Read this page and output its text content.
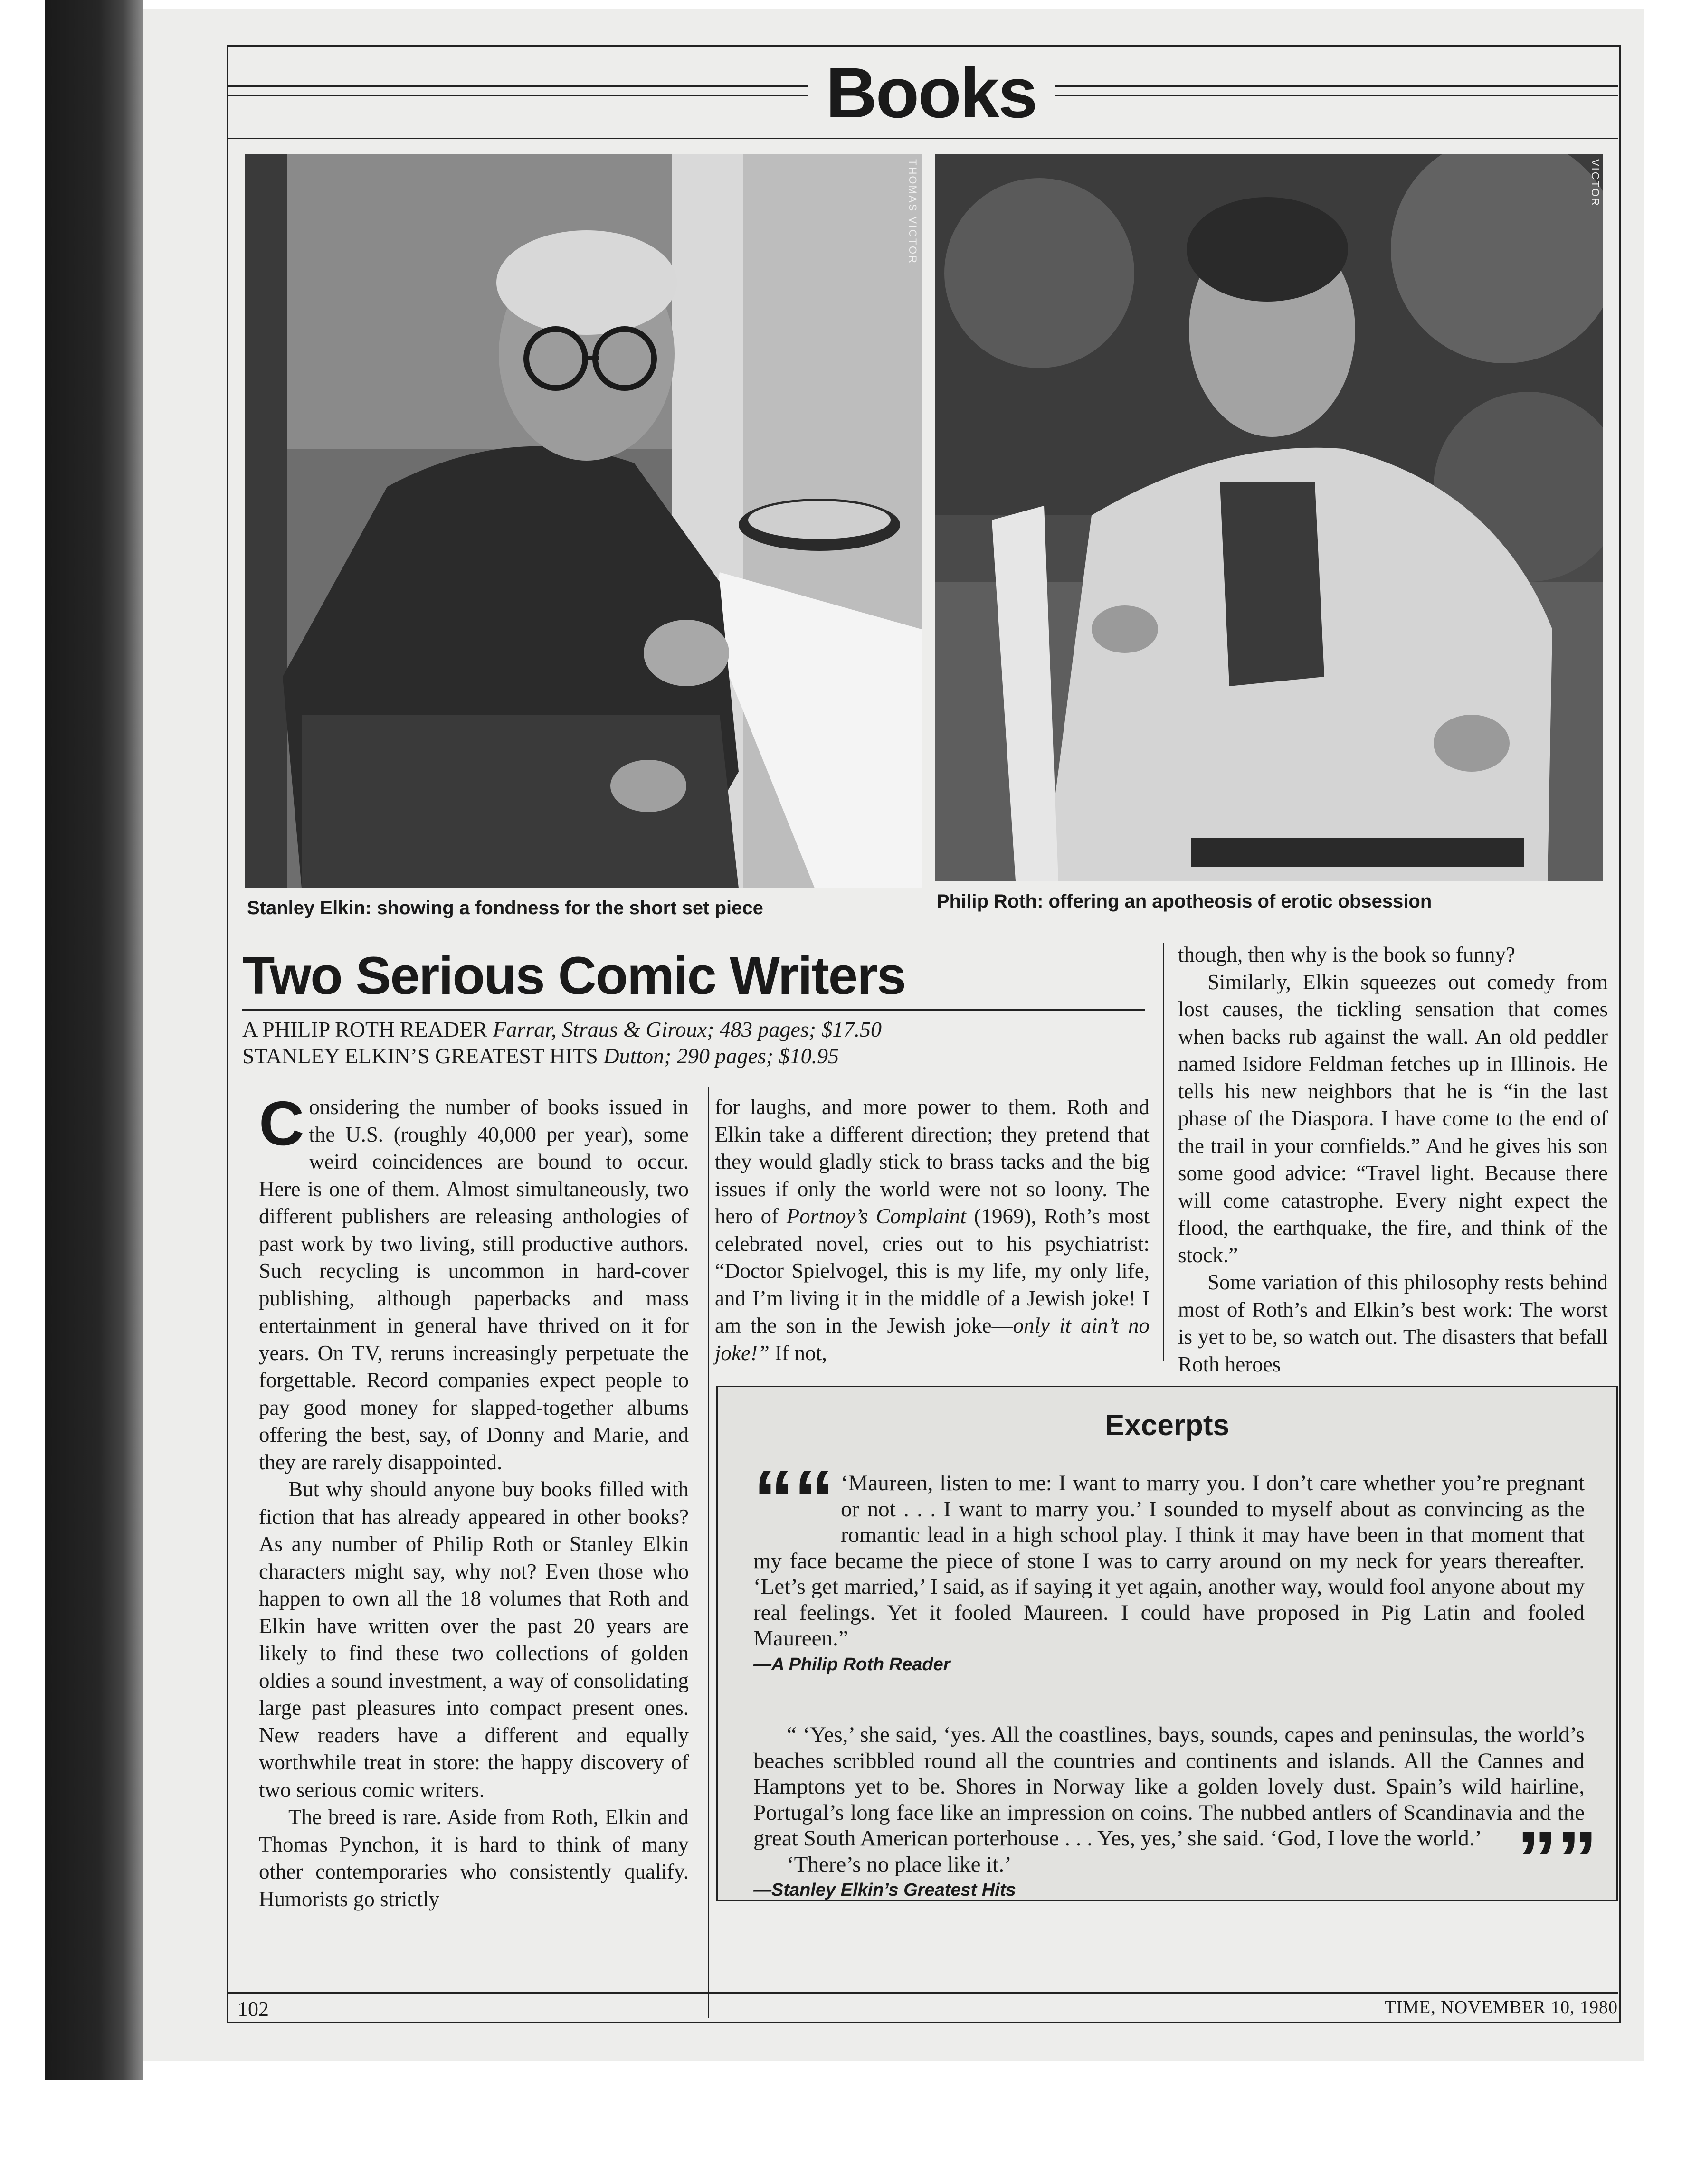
Books
THOMAS VICTOR	VICTOR
Stanley Elkin: showing a fondness for the short set piece	Philip Roth: offering an apotheosis of erotic obsession
Two Serious Comic Writers
A PHILIP ROTH READER Farrar, Straus & Giroux; 483 pages; $17.50
STANLEY ELKIN’S GREATEST HITS Dutton; 290 pages; $10.95

Considering the number of books issued in the U.S. (roughly 40,000 per year), some weird coincidences are bound to occur. Here is one of them. Almost simultaneously, two different publishers are releasing anthologies of past work by two living, still productive authors. Such recycling is uncommon in hard-cover publishing, although paperbacks and mass entertainment in general have thrived on it for years. On TV, reruns increasingly perpetuate the forgettable. Record companies expect people to pay good money for slapped-together albums offering the best, say, of Donny and Marie, and they are rarely disappointed.

But why should anyone buy books filled with fiction that has already appeared in other books? As any number of Philip Roth or Stanley Elkin characters might say, why not? Even those who happen to own all the 18 volumes that Roth and Elkin have written over the past 20 years are likely to find these two collections of golden oldies a sound investment, a way of consolidating large past pleasures into compact present ones. New readers have a different and equally worthwhile treat in store: the happy discovery of two serious comic writers.

The breed is rare. Aside from Roth, Elkin and Thomas Pynchon, it is hard to think of many other contemporaries who consistently qualify. Humorists go strictly

for laughs, and more power to them. Roth and Elkin take a different direction; they pretend that they would gladly stick to brass tacks and the big issues if only the world were not so loony. The hero of Portnoy’s Complaint (1969), Roth’s most celebrated novel, cries out to his psychiatrist: “Doctor Spielvogel, this is my life, my only life, and I’m living it in the middle of a Jewish joke! I am the son in the Jewish joke—only it ain’t no joke!” If not,

though, then why is the book so funny?

Similarly, Elkin squeezes out comedy from lost causes, the tickling sensation that comes when backs rub against the wall. An old peddler named Isidore Feldman fetches up in Illinois. He tells his new neighbors that he is “in the last phase of the Diaspora. I have come to the end of the trail in your cornfields.” And he gives his son some good advice: “Travel light. Because there will come catastrophe. Every night expect the flood, the earthquake, the fire, and think of the stock.”

Some variation of this philosophy rests behind most of Roth’s and Elkin’s best work: The worst is yet to be, so watch out. The disasters that befall Roth heroes

Excerpts

““ ‘Maureen, listen to me: I want to marry you. I don’t care whether you’re pregnant or not . . . I want to marry you.’ I sounded to myself about as convincing as the romantic lead in a high school play. I think it may have been in that moment that my face became the piece of stone I was to carry around on my neck for years thereafter. ‘Let’s get married,’ I said, as if saying it yet again, another way, would fool anyone about my real feelings. Yet it fooled Maureen. I could have proposed in Pig Latin and fooled Maureen.”

—A Philip Roth Reader

“ ‘Yes,’ she said, ‘yes. All the coastlines, bays, sounds, capes and peninsulas, the world’s beaches scribbled round all the countries and continents and islands. All the Cannes and Hamptons yet to be. Shores in Norway like a golden lovely dust. Spain’s wild hairline, Portugal’s long face like an impression on coins. The nubbed antlers of Scandinavia and the great South American porterhouse . . . Yes, yes,’ she said. ‘God, I love the world.’

‘There’s no place like it.’

—Stanley Elkin’s Greatest Hits	””
102	TIME, NOVEMBER 10, 1980
